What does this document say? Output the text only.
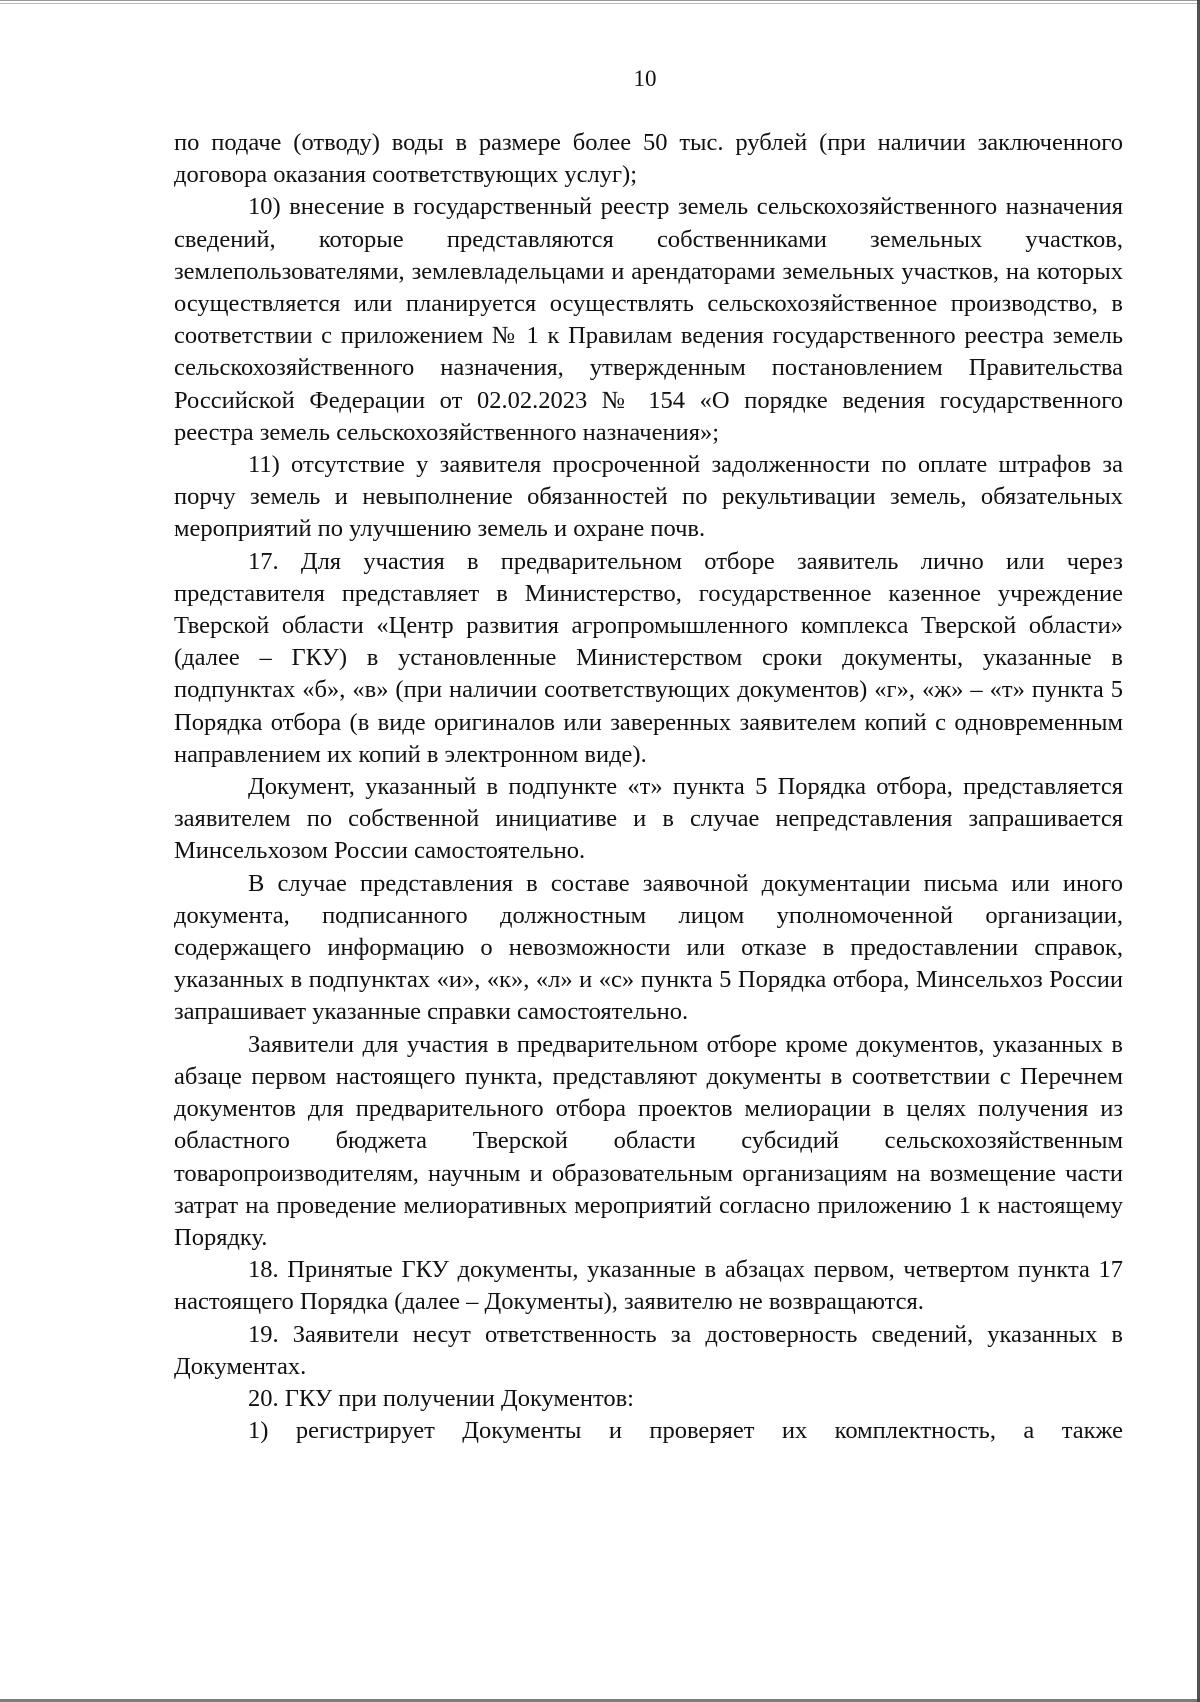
10

по подаче (отводу) воды в размере более 50 тыс. рублей (при наличии заключенного договора оказания соответствующих услуг);

10) внесение в государственный реестр земель сельскохозяйственного назначения сведений, которые представляются собственниками земельных участков, землепользователями, землевладельцами и арендаторами земельных участков, на которых осуществляется или планируется осуществлять сельскохозяйственное производство, в соответствии с приложением № 1 к Правилам ведения государственного реестра земель сельскохозяйственного назначения, утвержденным постановлением Правительства Российской Федерации от 02.02.2023 № 154 «О порядке ведения государственного реестра земель сельскохозяйственного назначения»;

11) отсутствие у заявителя просроченной задолженности по оплате штрафов за порчу земель и невыполнение обязанностей по рекультивации земель, обязательных мероприятий по улучшению земель и охране почв.

17. Для участия в предварительном отборе заявитель лично или через представителя представляет в Министерство, государственное казенное учреждение Тверской области «Центр развития агропромышленного комплекса Тверской области» (далее – ГКУ) в установленные Министерством сроки документы, указанные в подпунктах «б», «в» (при наличии соответствующих документов) «г», «ж» – «т» пункта 5 Порядка отбора (в виде оригиналов или заверенных заявителем копий с одновременным направлением их копий в электронном виде).

Документ, указанный в подпункте «т» пункта 5 Порядка отбора, представляется заявителем по собственной инициативе и в случае непредставления запрашивается Минсельхозом России самостоятельно.

В случае представления в составе заявочной документации письма или иного документа, подписанного должностным лицом уполномоченной организации, содержащего информацию о невозможности или отказе в предоставлении справок, указанных в подпунктах «и», «к», «л» и «с» пункта 5 Порядка отбора, Минсельхоз России запрашивает указанные справки самостоятельно.

Заявители для участия в предварительном отборе кроме документов, указанных в абзаце первом настоящего пункта, представляют документы в соответствии с Перечнем документов для предварительного отбора проектов мелиорации в целях получения из областного бюджета Тверской области субсидий сельскохозяйственным товаропроизводителям, научным и образовательным организациям на возмещение части затрат на проведение мелиоративных мероприятий согласно приложению 1 к настоящему Порядку.

18. Принятые ГКУ документы, указанные в абзацах первом, четвертом пункта 17 настоящего Порядка (далее – Документы), заявителю не возвращаются.

19. Заявители несут ответственность за достоверность сведений, указанных в Документах.

20. ГКУ при получении Документов:

1) регистрирует Документы и проверяет их комплектность, а также
